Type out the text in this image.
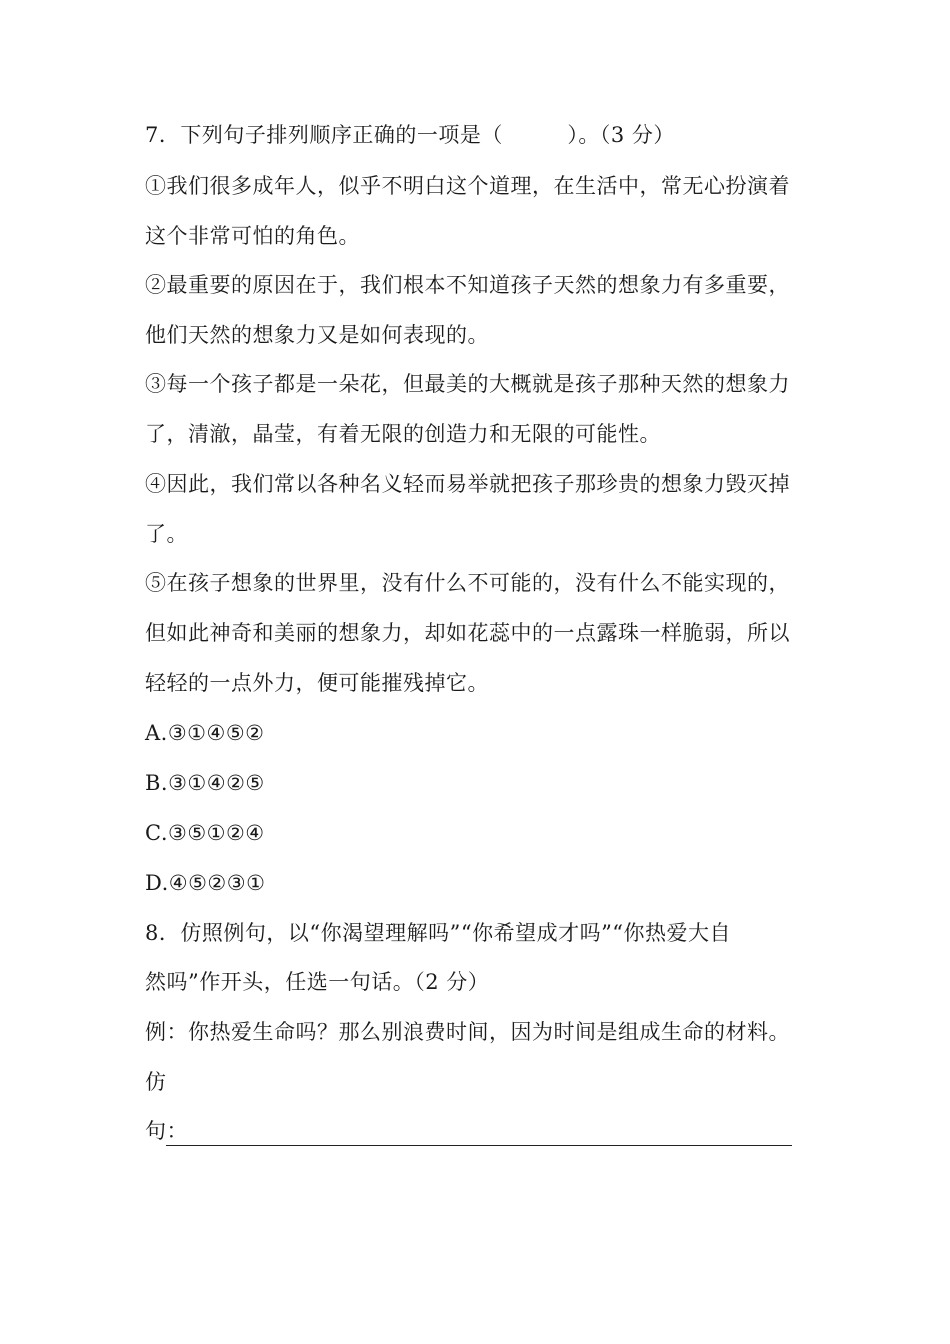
7．下列句子排列顺序正确的一项是（　　　）。（3 分）
①我们很多成年人，似乎不明白这个道理，在生活中，常无心扮演着
这个非常可怕的角色。
②最重要的原因在于，我们根本不知道孩子天然的想象力有多重要，
他们天然的想象力又是如何表现的。
③每一个孩子都是一朵花，但最美的大概就是孩子那种天然的想象力
了，清澈，晶莹，有着无限的创造力和无限的可能性。
④因此，我们常以各种名义轻而易举就把孩子那珍贵的想象力毁灭掉
了。
⑤在孩子想象的世界里，没有什么不可能的，没有什么不能实现的，
但如此神奇和美丽的想象力，却如花蕊中的一点露珠一样脆弱，所以
轻轻的一点外力，便可能摧残掉它。
A.③①④⑤②
B.③①④②⑤
C.③⑤①②④
D.④⑤②③①
8．仿照例句，以“你渴望理解吗”“你希望成才吗”“你热爱大自
然吗”作开头，任选一句话。（2 分）
例：你热爱生命吗？那么别浪费时间，因为时间是组成生命的材料。
仿
句：
